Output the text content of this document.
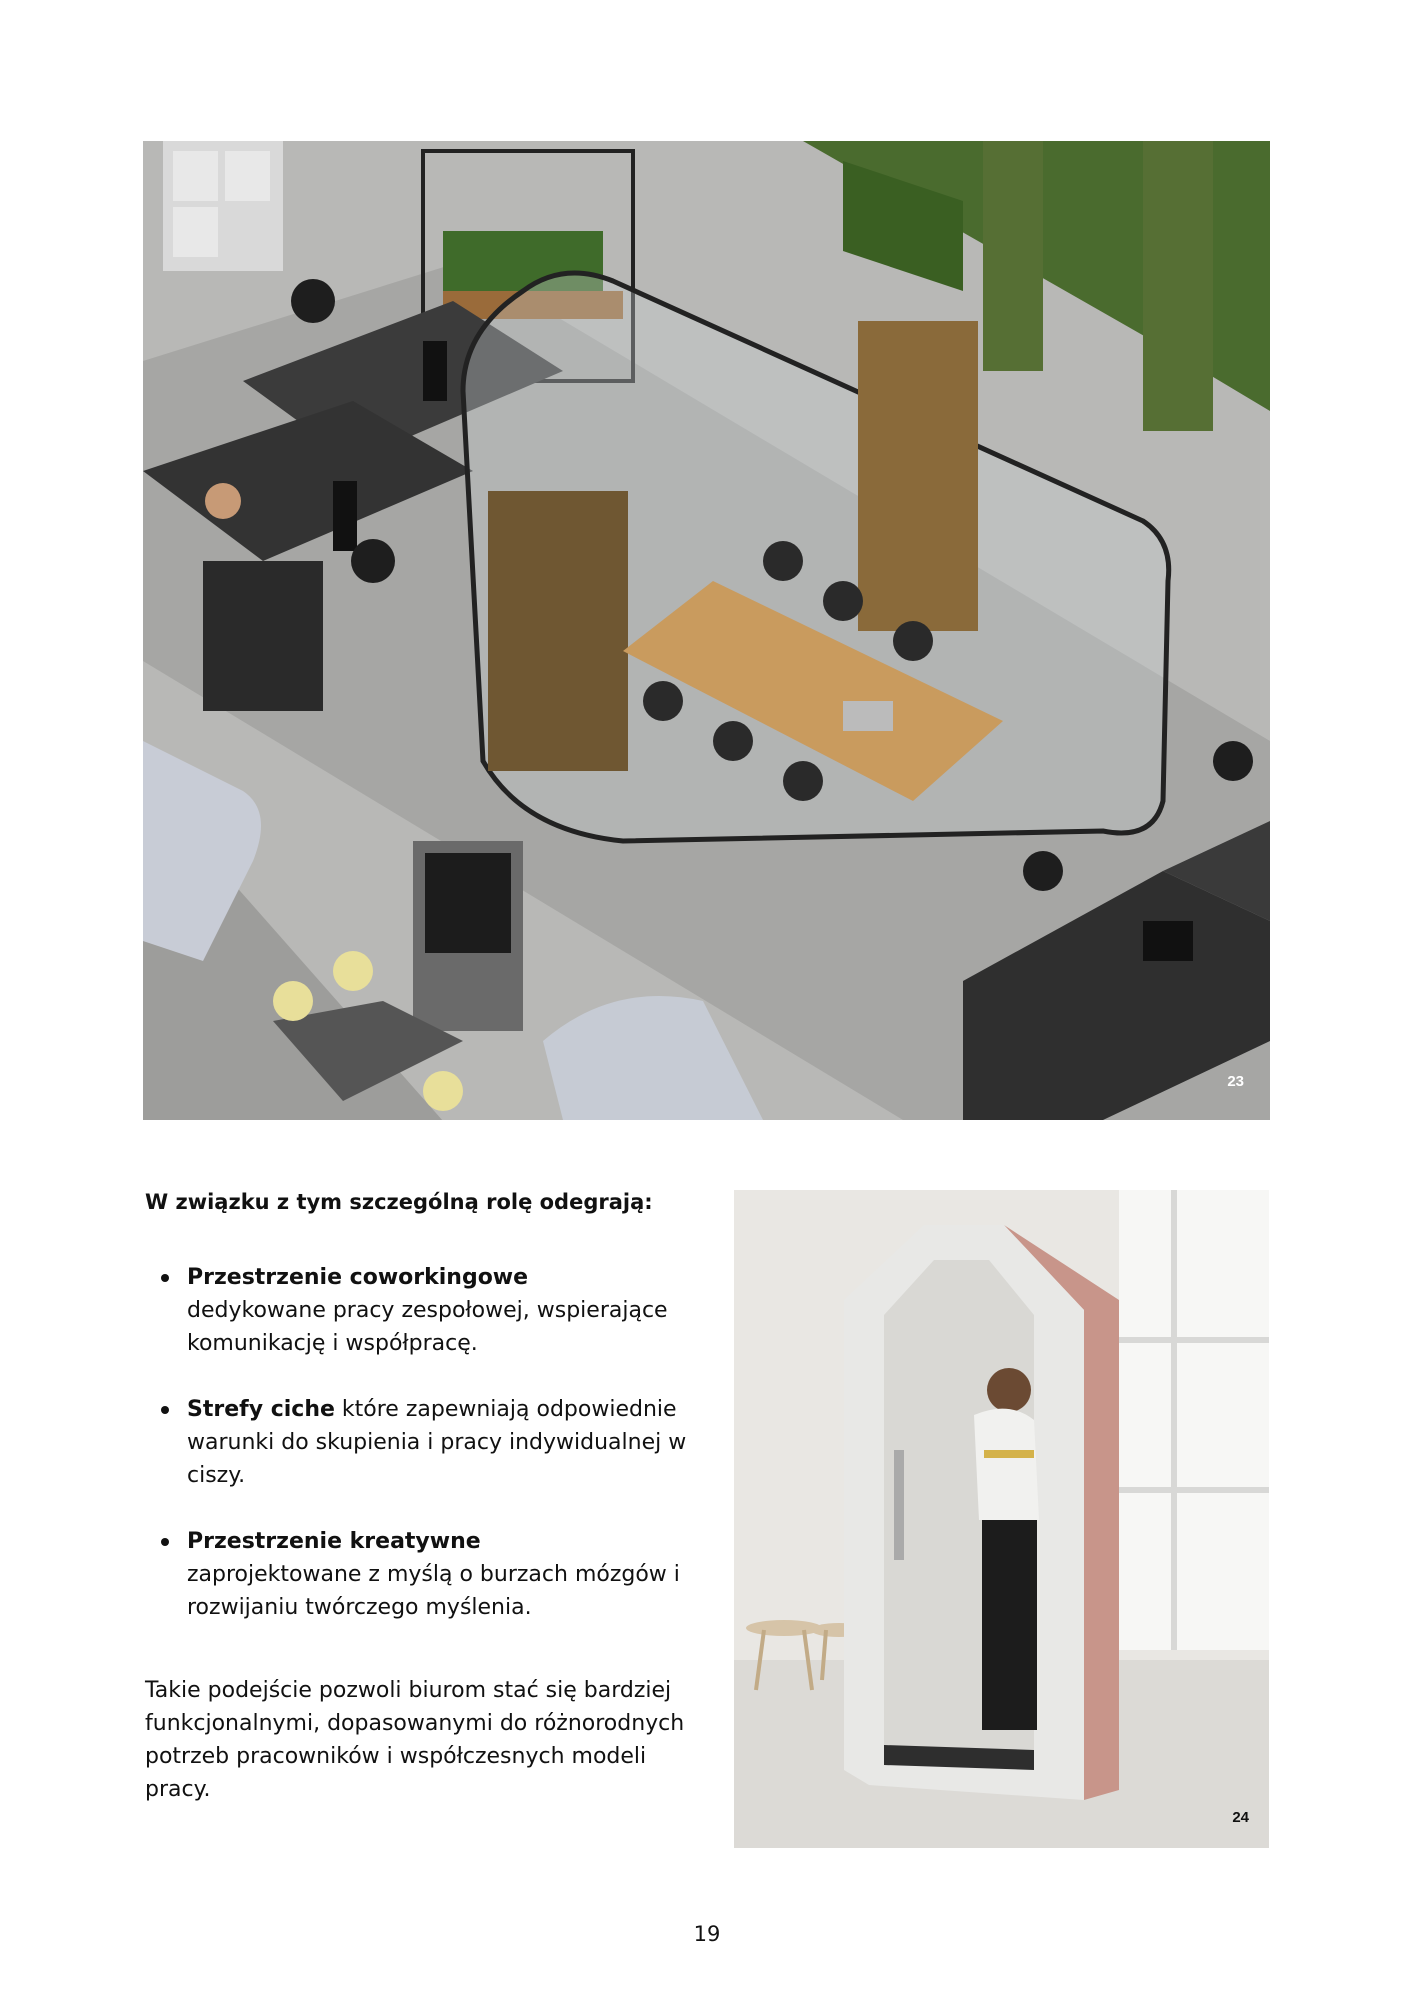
23

W związku z tym szczególną rolę odegrają:

Przestrzenie coworkingowe
dedykowane pracy zespołowej, wspierające komunikację i współpracę.
Strefy ciche które zapewniają odpowiednie warunki do skupienia i pracy indywidualnej w ciszy.
Przestrzenie kreatywne
zaprojektowane z myślą o burzach mózgów i rozwijaniu twórczego myślenia.

Takie podejście pozwoli biurom stać się bardziej funkcjonalnymi, dopasowanymi do różnorodnych potrzeb pracowników i współczesnych modeli pracy.

24
19
